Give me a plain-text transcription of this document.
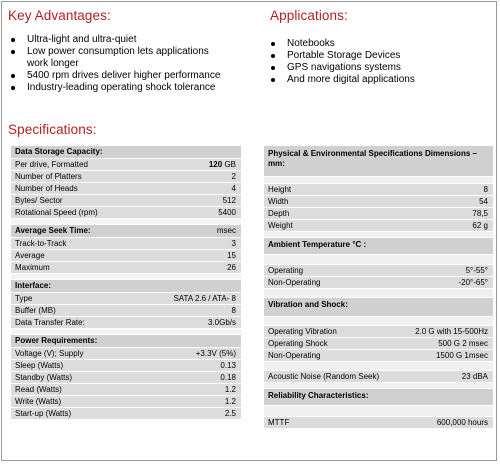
Key Advantages:
Ultra-light and ultra-quiet
Low power consumption lets applications work longer
5400 rpm drives deliver higher performance
Industry-leading operating shock tolerance
Applications:
Notebooks
Portable Storage Devices
GPS navigations systems
And more digital applications
Specifications:
Data Storage Capacity:
Per drive, Formatted	120 GB
Number of Platters	2
Number of Heads	4
Bytes/ Sector	512
Rotational Speed (rpm)	5400
Average Seek Time:	msec
Track-to-Track	3
Average	15
Maximum	26
Interface:
Type	SATA 2.6 / ATA- 8
Buffer (MB)	8
Data Transfer Rate:	3.0Gb/s
Power Requirements:
Voltage (V); Supply	+3.3V (5%)
Sleep (Watts)	0.13
Standby (Watts)	0.18
Read (Watts)	1.2
Write (Watts)	1.2
Start-up (Watts)	2.5
Physical & Environmental Specifications Dimensions –mm:
Height	8
Width	54
Depth	78,5
Weight	62 g
Ambient Temperature °C :
Operating	5°-55°
Non-Operating	-20°-65°
Vibration and Shock:
Operating Vibration	2.0 G with 15-500Hz
Operating Shock	500 G 2 msec
Non-Operating	1500 G 1msec
Acoustic Noise (Random Seek)	23 dBA
Reliability Characteristics:
MTTF	600,000 hours
